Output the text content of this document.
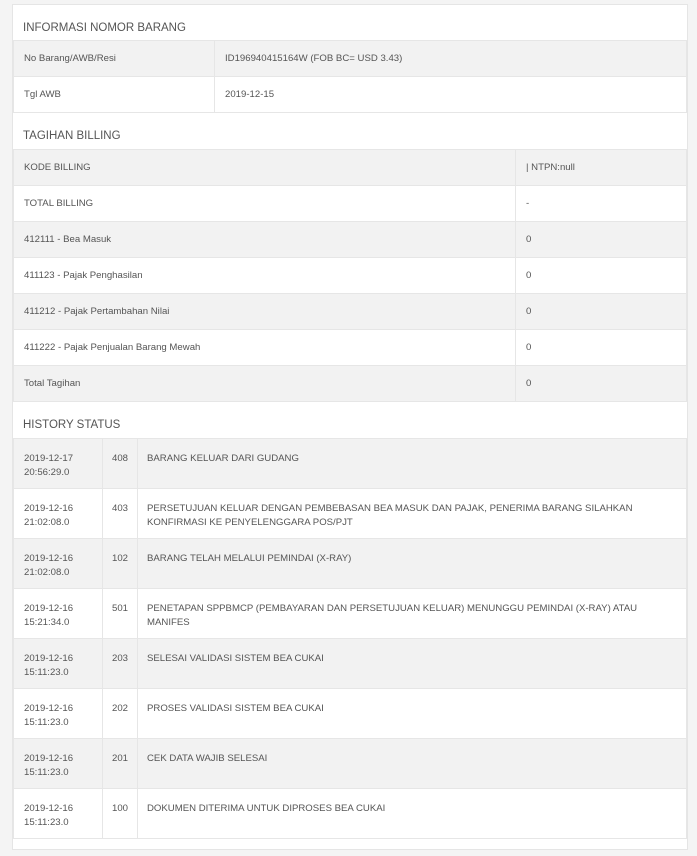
INFORMASI NOMOR BARANG
No Barang/AWB/Resi	ID196940415164W (FOB BC= USD 3.43)
Tgl AWB	2019-12-15
TAGIHAN BILLING
KODE BILLING	| NTPN:null
TOTAL BILLING	-
412111 - Bea Masuk	0
411123 - Pajak Penghasilan	0
411212 - Pajak Pertambahan Nilai	0
411222 - Pajak Penjualan Barang Mewah	0
Total Tagihan	0
HISTORY STATUS
2019-12-17
20:56:29.0	408	BARANG KELUAR DARI GUDANG
2019-12-16
21:02:08.0	403	PERSETUJUAN KELUAR DENGAN PEMBEBASAN BEA MASUK DAN PAJAK, PENERIMA BARANG SILAHKAN KONFIRMASI KE PENYELENGGARA POS/PJT
2019-12-16
21:02:08.0	102	BARANG TELAH MELALUI PEMINDAI (X-RAY)
2019-12-16
15:21:34.0	501	PENETAPAN SPPBMCP (PEMBAYARAN DAN PERSETUJUAN KELUAR) MENUNGGU PEMINDAI (X-RAY) ATAU MANIFES
2019-12-16
15:11:23.0	203	SELESAI VALIDASI SISTEM BEA CUKAI
2019-12-16
15:11:23.0	202	PROSES VALIDASI SISTEM BEA CUKAI
2019-12-16
15:11:23.0	201	CEK DATA WAJIB SELESAI
2019-12-16
15:11:23.0	100	DOKUMEN DITERIMA UNTUK DIPROSES BEA CUKAI
